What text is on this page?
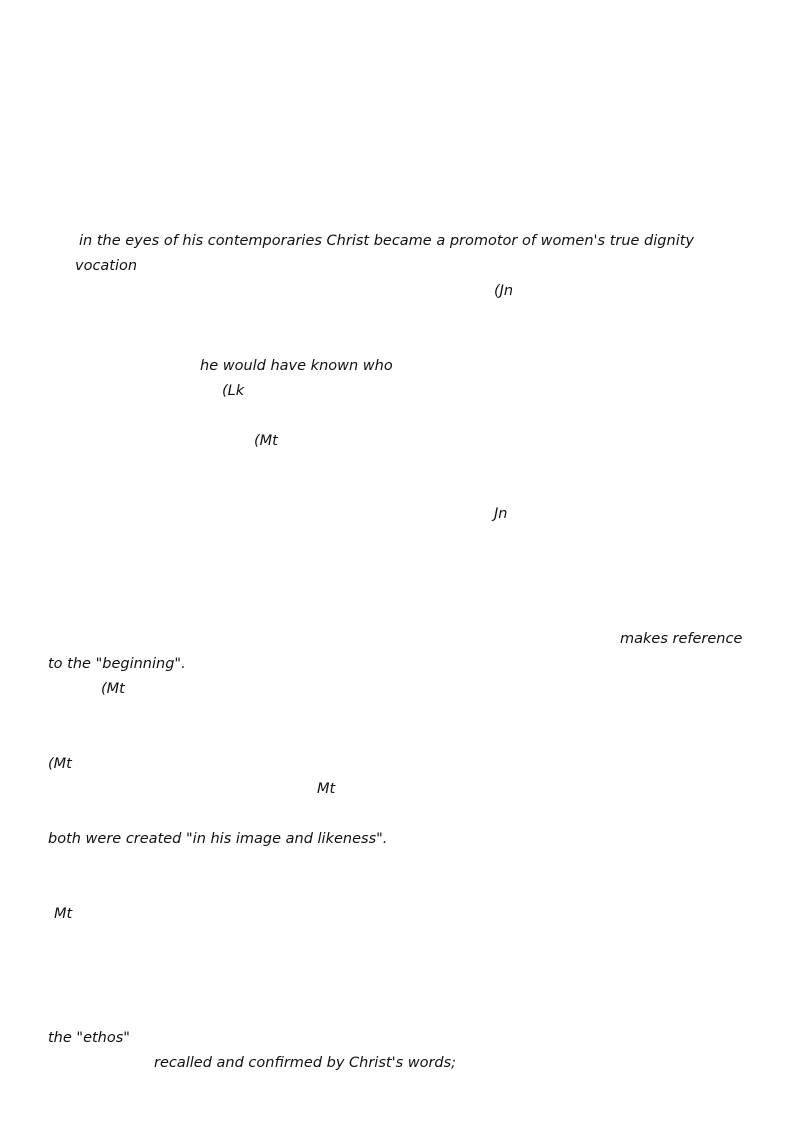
in the eyes of his contemporaries Christ became a promotor of women's true dignity
vocation
(Jn
he would have known who
(Lk
(Mt
Jn
makes reference
to the "beginning".
(Mt
(Mt
Mt
both were created "in his image and likeness".
Mt
the "ethos"
recalled and confirmed by Christ's words;
